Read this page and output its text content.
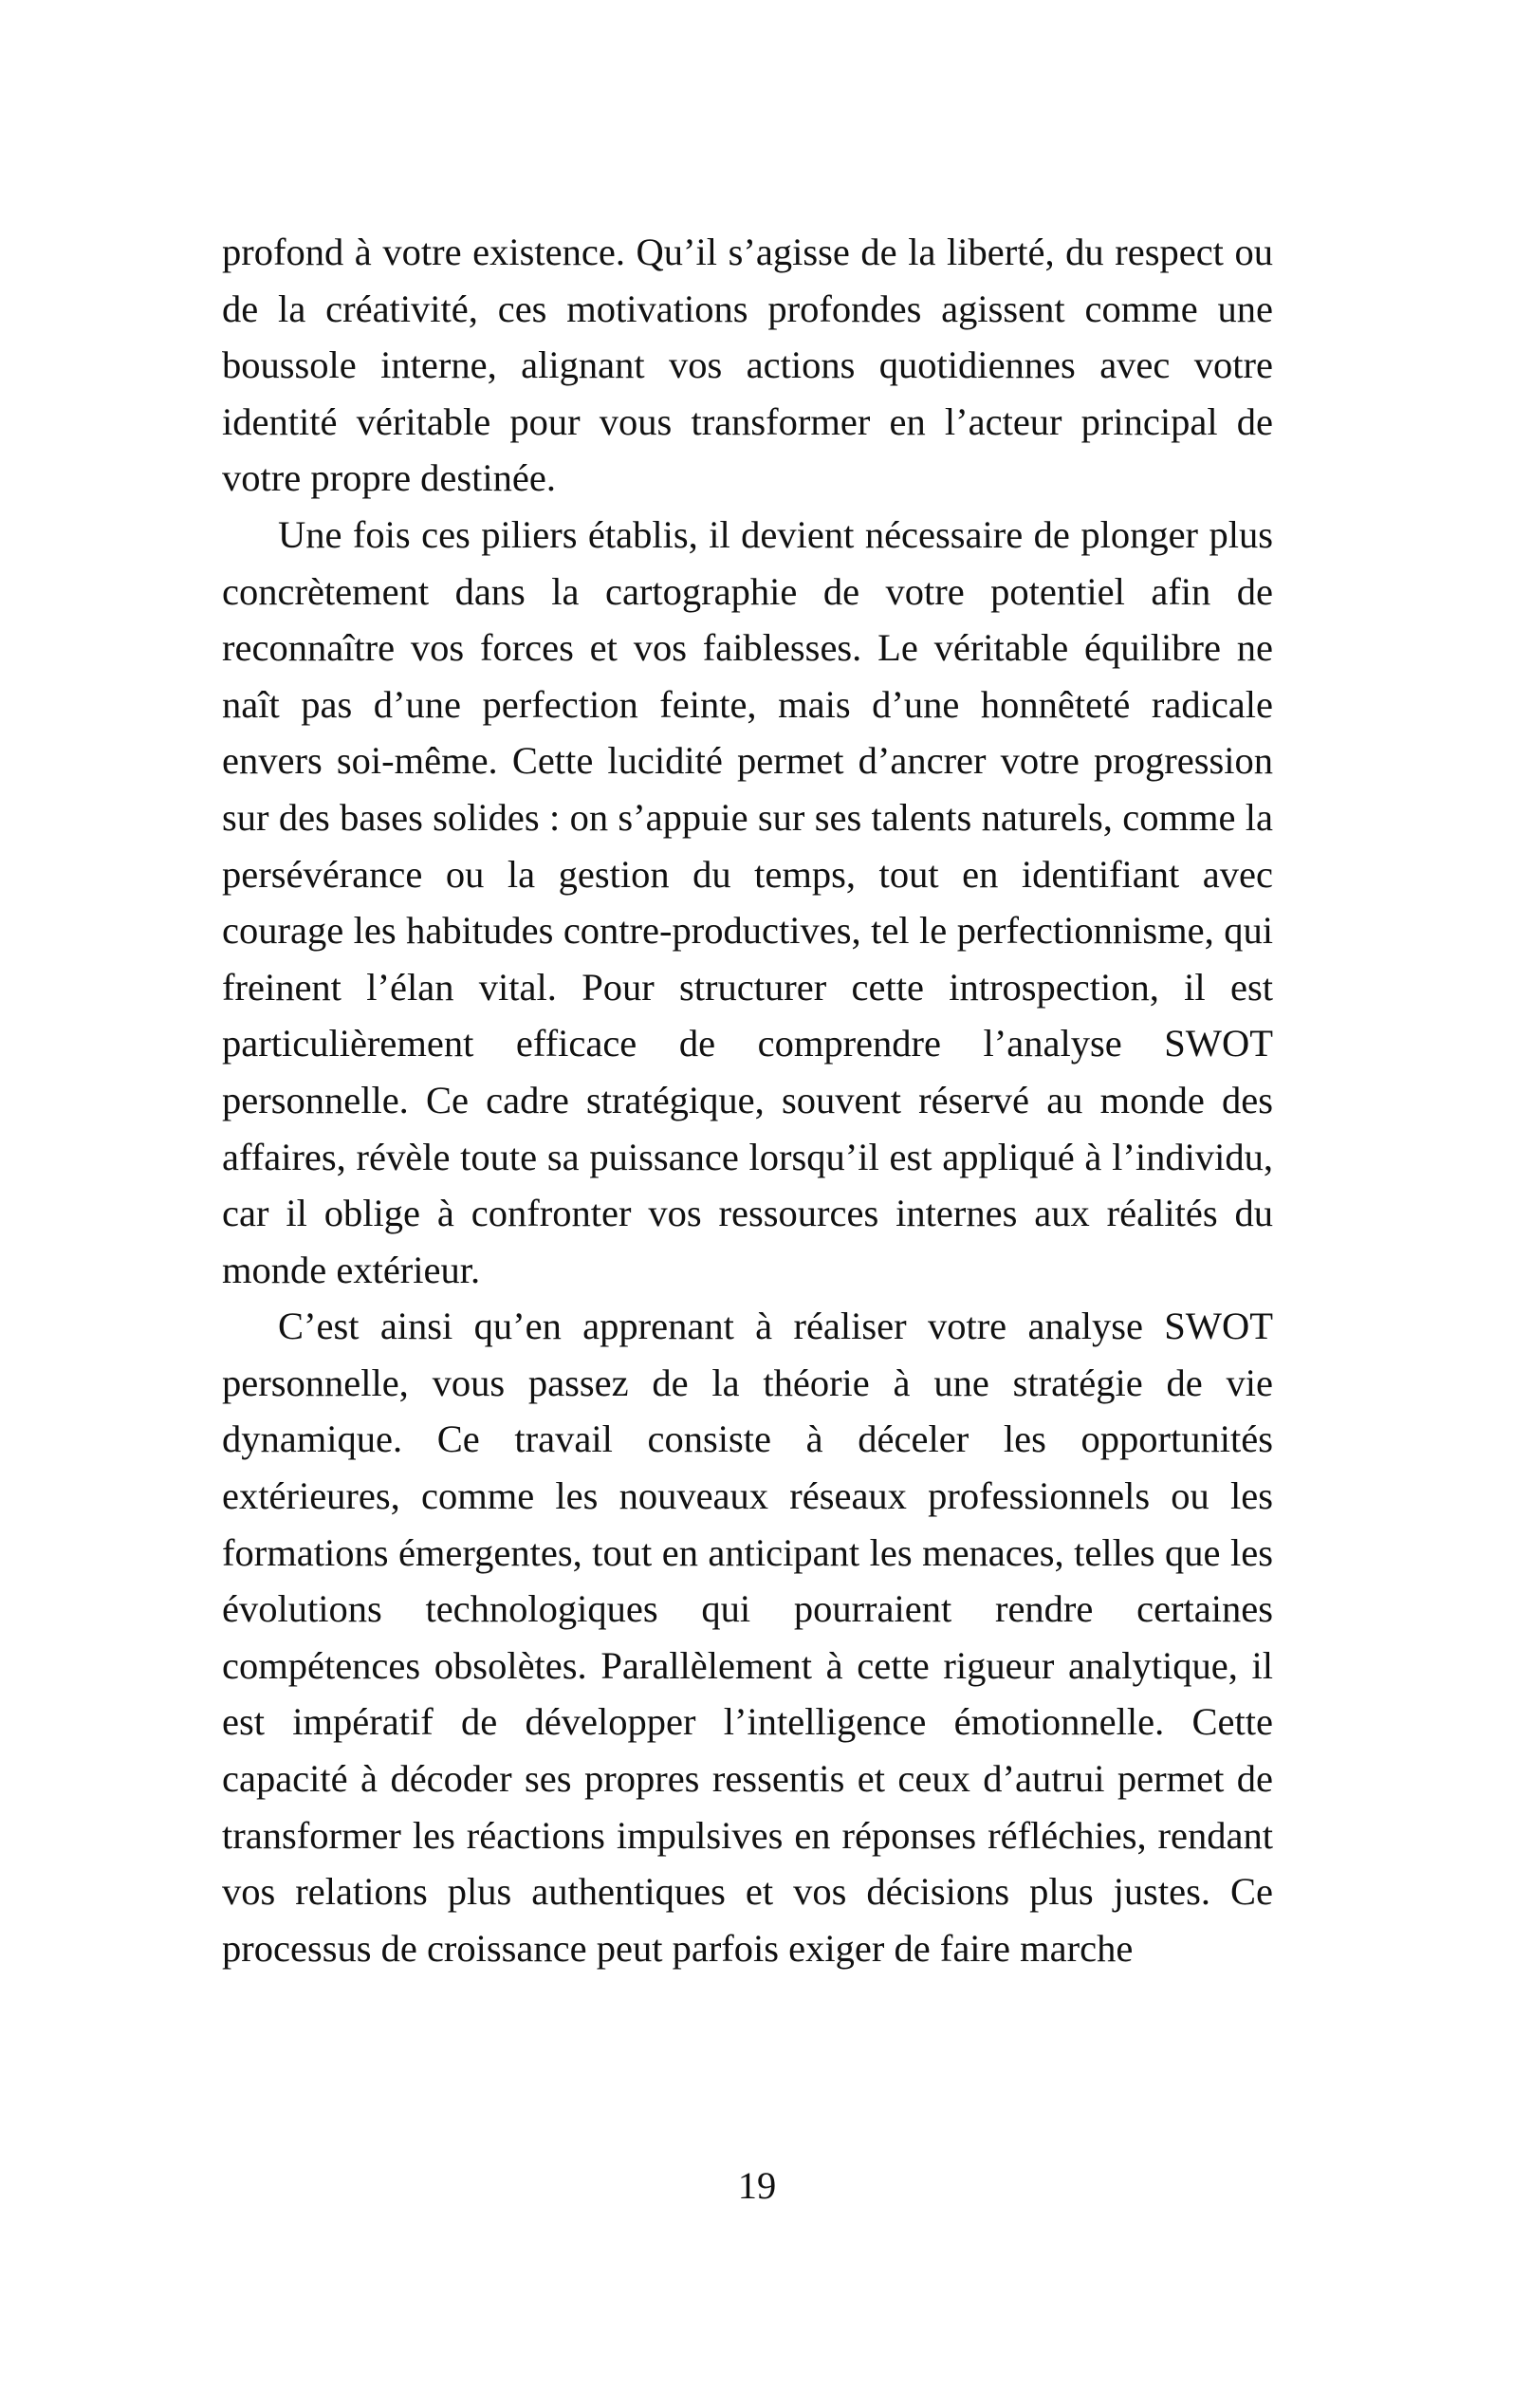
profond à votre existence. Qu’il s’agisse de la liberté, du respect ou de la créativité, ces motivations profondes agissent comme une boussole interne, alignant vos actions quotidiennes avec votre identité véritable pour vous transformer en l’acteur principal de votre propre destinée.

Une fois ces piliers établis, il devient nécessaire de plonger plus concrètement dans la cartographie de votre potentiel afin de reconnaître vos forces et vos faiblesses. Le véritable équilibre ne naît pas d’une perfection feinte, mais d’une honnêteté radicale envers soi-même. Cette lucidité permet d’ancrer votre progression sur des bases solides : on s’appuie sur ses talents naturels, comme la persévérance ou la gestion du temps, tout en identifiant avec courage les habitudes contre-productives, tel le perfectionnisme, qui freinent l’élan vital. Pour structurer cette introspection, il est particulièrement efficace de comprendre l’analyse SWOT personnelle. Ce cadre stratégique, souvent réservé au monde des affaires, révèle toute sa puissance lorsqu’il est appliqué à l’individu, car il oblige à confronter vos ressources internes aux réalités du monde extérieur.

C’est ainsi qu’en apprenant à réaliser votre analyse SWOT personnelle, vous passez de la théorie à une stratégie de vie dynamique. Ce travail consiste à déceler les opportunités extérieures, comme les nouveaux réseaux professionnels ou les formations émergentes, tout en anticipant les menaces, telles que les évolutions technologiques qui pourraient rendre certaines compétences obsolètes. Parallèlement à cette rigueur analytique, il est impératif de développer l’intelligence émotionnelle. Cette capacité à décoder ses propres ressentis et ceux d’autrui permet de transformer les réactions impulsives en réponses réfléchies, rendant vos relations plus authentiques et vos décisions plus justes. Ce processus de croissance peut parfois exiger de faire marche

19
